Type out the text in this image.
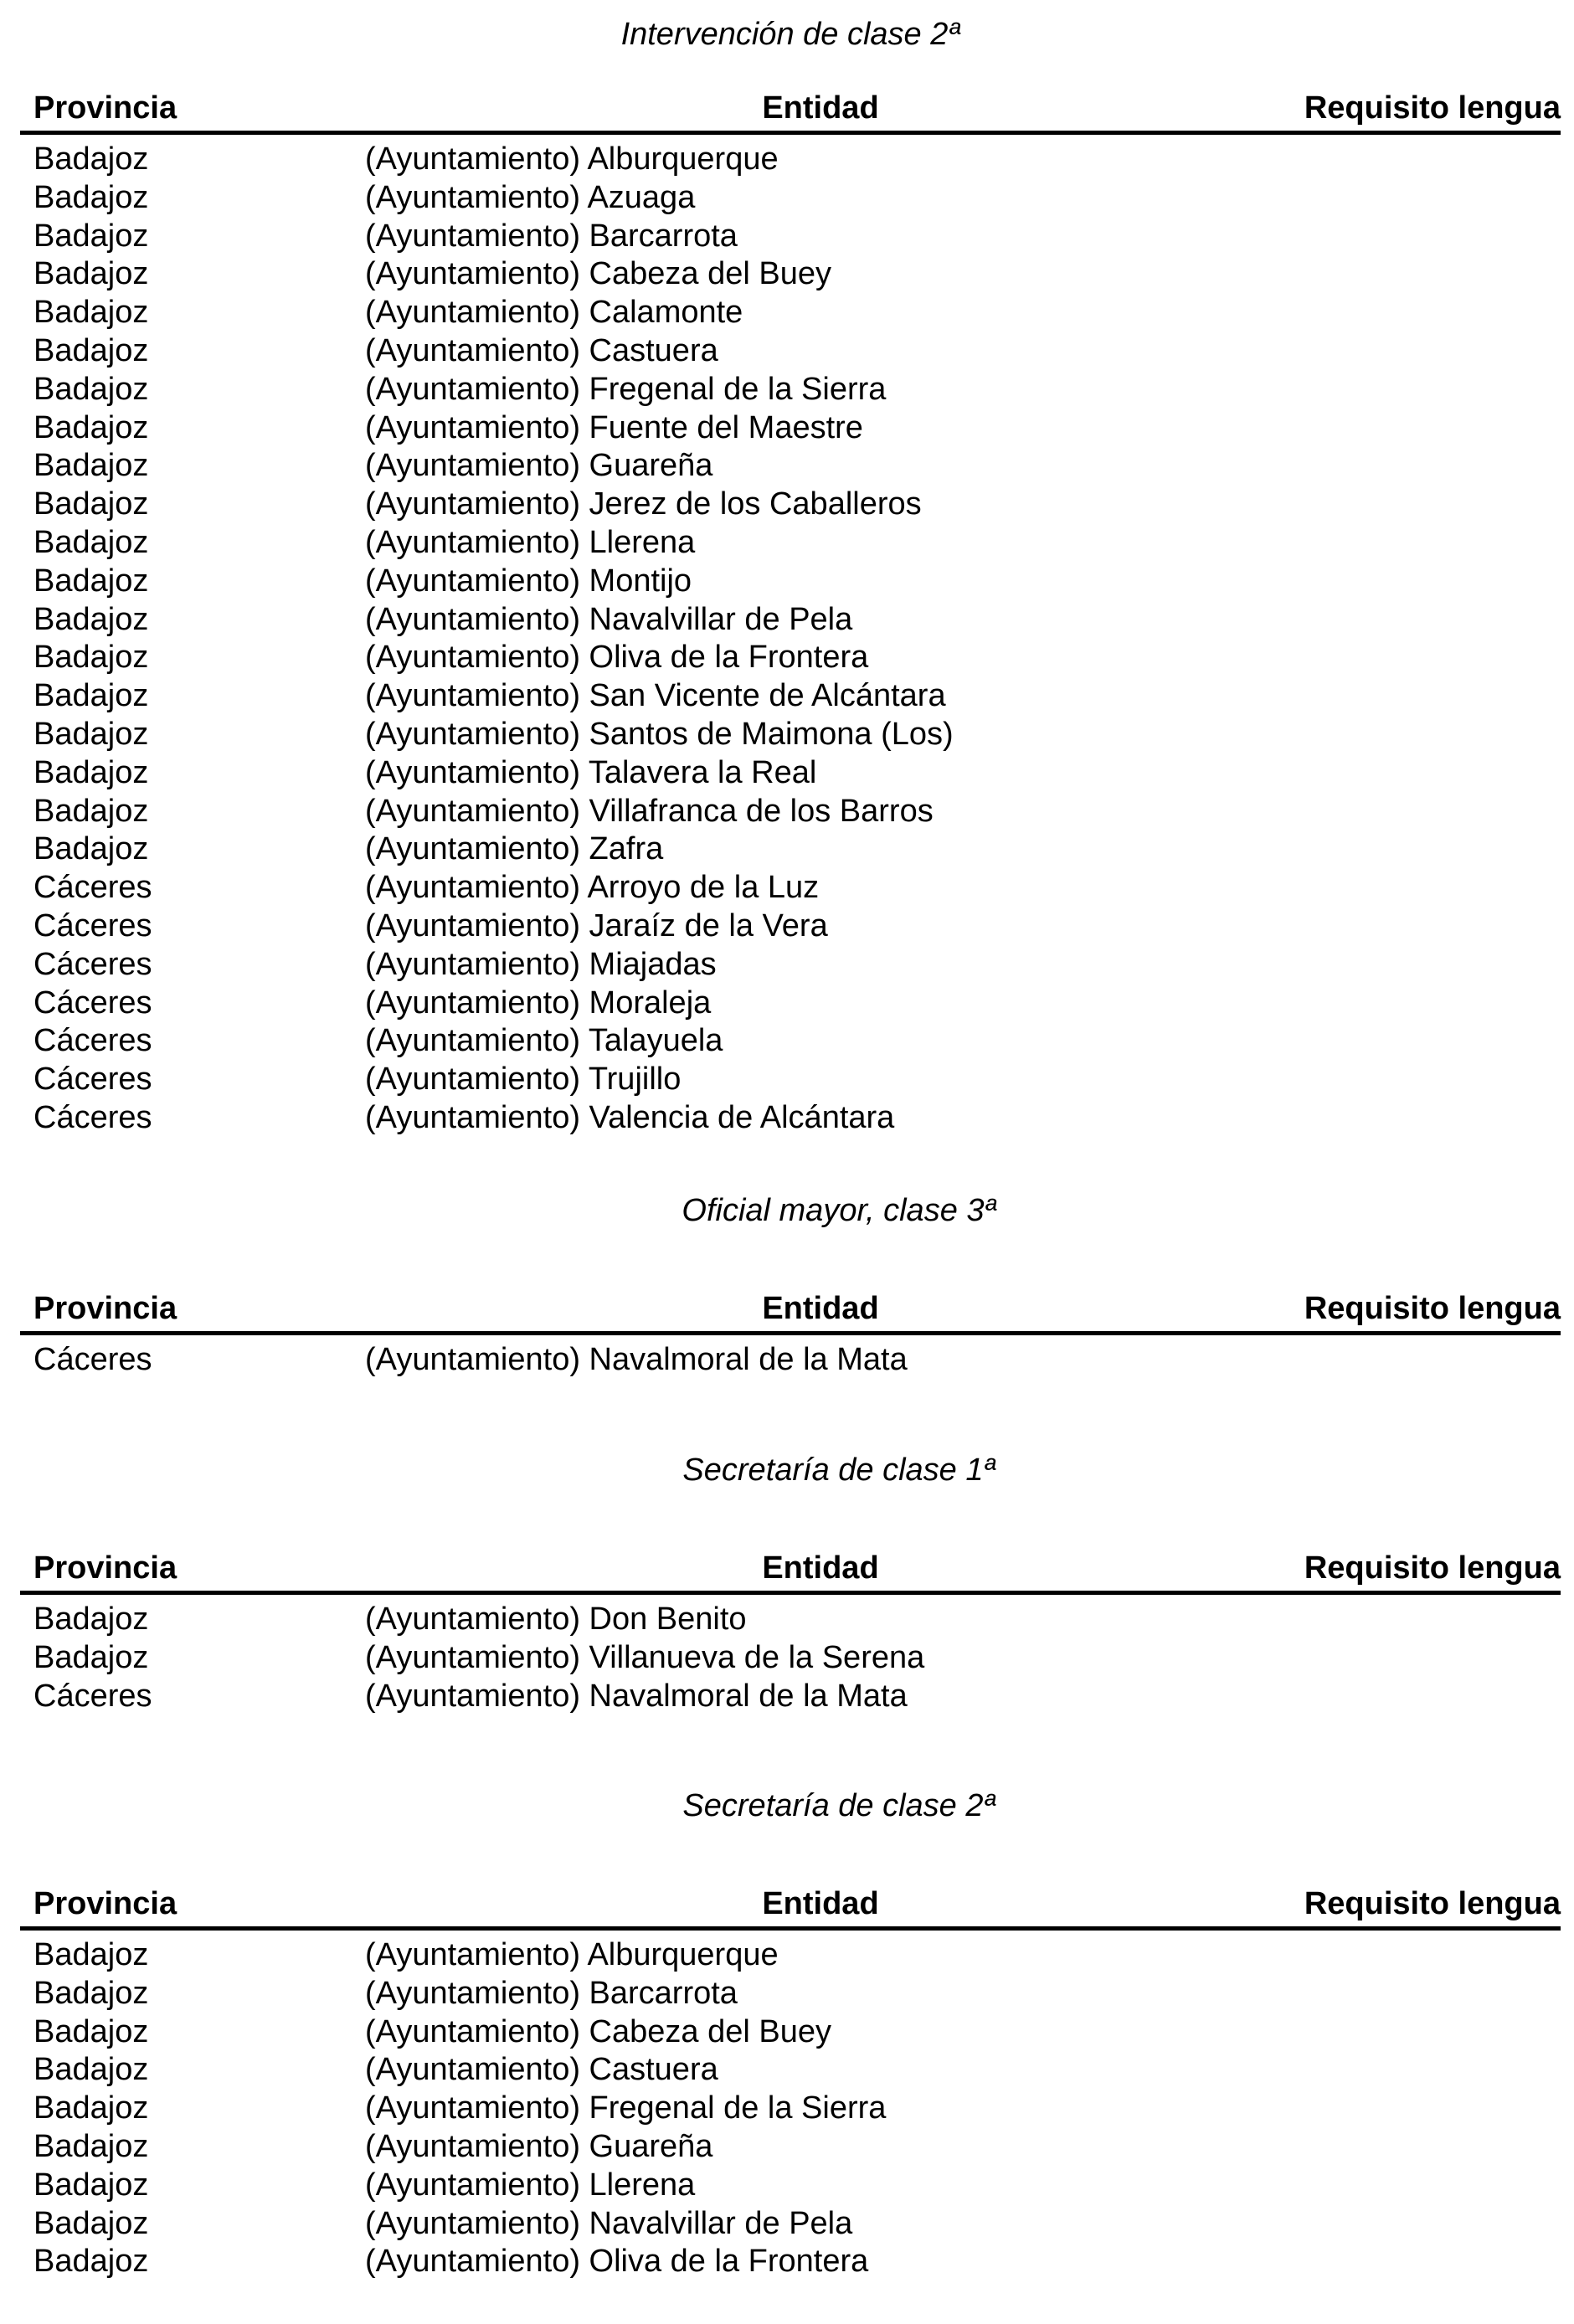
Intervención de clase 2ª
Provincia	Entidad	Requisito lengua
Badajoz	(Ayuntamiento) Alburquerque
Badajoz	(Ayuntamiento) Azuaga
Badajoz	(Ayuntamiento) Barcarrota
Badajoz	(Ayuntamiento) Cabeza del Buey
Badajoz	(Ayuntamiento) Calamonte
Badajoz	(Ayuntamiento) Castuera
Badajoz	(Ayuntamiento) Fregenal de la Sierra
Badajoz	(Ayuntamiento) Fuente del Maestre
Badajoz	(Ayuntamiento) Guareña
Badajoz	(Ayuntamiento) Jerez de los Caballeros
Badajoz	(Ayuntamiento) Llerena
Badajoz	(Ayuntamiento) Montijo
Badajoz	(Ayuntamiento) Navalvillar de Pela
Badajoz	(Ayuntamiento) Oliva de la Frontera
Badajoz	(Ayuntamiento) San Vicente de Alcántara
Badajoz	(Ayuntamiento) Santos de Maimona (Los)
Badajoz	(Ayuntamiento) Talavera la Real
Badajoz	(Ayuntamiento) Villafranca de los Barros
Badajoz	(Ayuntamiento) Zafra
Cáceres	(Ayuntamiento) Arroyo de la Luz
Cáceres	(Ayuntamiento) Jaraíz de la Vera
Cáceres	(Ayuntamiento) Miajadas
Cáceres	(Ayuntamiento) Moraleja
Cáceres	(Ayuntamiento) Talayuela
Cáceres	(Ayuntamiento) Trujillo
Cáceres	(Ayuntamiento) Valencia de Alcántara
Oficial mayor, clase 3ª
Provincia	Entidad	Requisito lengua
Cáceres	(Ayuntamiento) Navalmoral de la Mata
Secretaría de clase 1ª
Provincia	Entidad	Requisito lengua
Badajoz	(Ayuntamiento) Don Benito
Badajoz	(Ayuntamiento) Villanueva de la Serena
Cáceres	(Ayuntamiento) Navalmoral de la Mata
Secretaría de clase 2ª
Provincia	Entidad	Requisito lengua
Badajoz	(Ayuntamiento) Alburquerque
Badajoz	(Ayuntamiento) Barcarrota
Badajoz	(Ayuntamiento) Cabeza del Buey
Badajoz	(Ayuntamiento) Castuera
Badajoz	(Ayuntamiento) Fregenal de la Sierra
Badajoz	(Ayuntamiento) Guareña
Badajoz	(Ayuntamiento) Llerena
Badajoz	(Ayuntamiento) Navalvillar de Pela
Badajoz	(Ayuntamiento) Oliva de la Frontera
